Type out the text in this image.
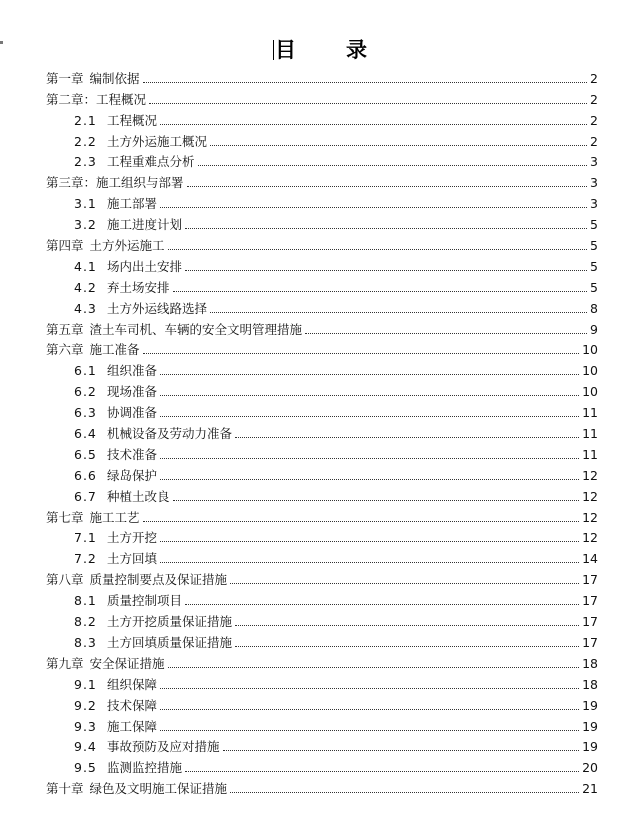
目 录
第一章 编制依据	2
第二章： 工程概况	2
2.1 工程概况	2
2.2 土方外运施工概况	2
2.3 工程重难点分析	3
第三章： 施工组织与部署	3
3.1 施工部署	3
3.2 施工进度计划	5
第四章 土方外运施工	5
4.1 场内出土安排	5
4.2 弃土场安排	5
4.3 土方外运线路选择	8
第五章 渣土车司机、车辆的安全文明管理措施	9
第六章 施工准备	10
6.1 组织准备	10
6.2 现场准备	10
6.3 协调准备	11
6.4 机械设备及劳动力准备	11
6.5 技术准备	11
6.6 绿岛保护	12
6.7 种植土改良	12
第七章 施工工艺	12
7.1 土方开挖	12
7.2 土方回填	14
第八章 质量控制要点及保证措施	17
8.1 质量控制项目	17
8.2 土方开挖质量保证措施	17
8.3 土方回填质量保证措施	17
第九章 安全保证措施	18
9.1 组织保障	18
9.2 技术保障	19
9.3 施工保障	19
9.4 事故预防及应对措施	19
9.5 监测监控措施	20
第十章 绿色及文明施工保证措施	21
